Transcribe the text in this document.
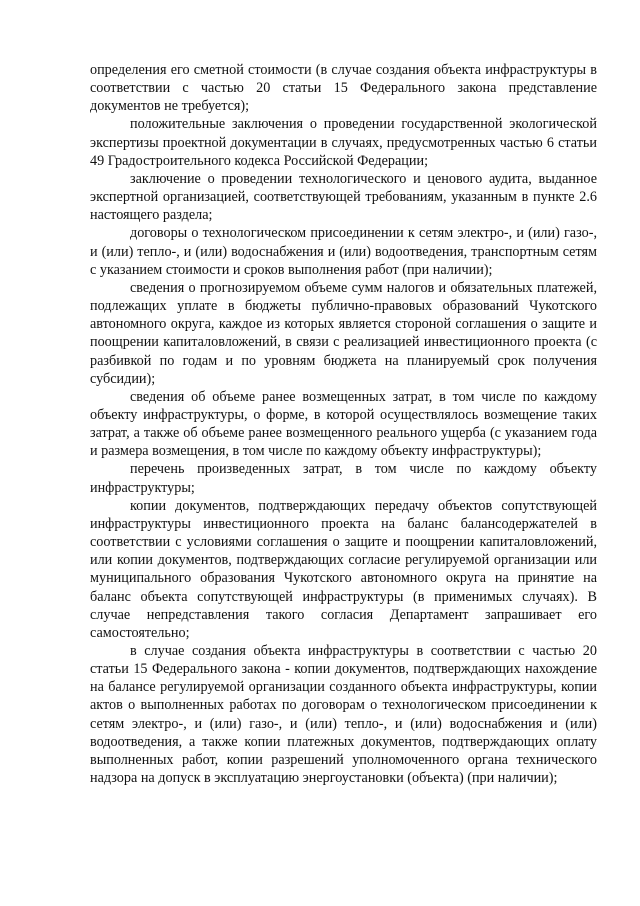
определения его сметной стоимости (в случае создания объекта инфраструктуры в соответствии с частью 20 статьи 15 Федерального закона представление документов не требуется);

положительные заключения о проведении государственной экологической экспертизы проектной документации в случаях, предусмотренных частью 6 статьи 49 Градостроительного кодекса Российской Федерации;

заключение о проведении технологического и ценового аудита, выданное экспертной организацией, соответствующей требованиям, указанным в пункте 2.6 настоящего раздела;

договоры о технологическом присоединении к сетям электро-, и (или) газо-, и (или) тепло-, и (или) водоснабжения и (или) водоотведения, транспортным сетям с указанием стоимости и сроков выполнения работ (при наличии);

сведения о прогнозируемом объеме сумм налогов и обязательных платежей, подлежащих уплате в бюджеты публично-правовых образований Чукотского автономного округа, каждое из которых является стороной соглашения о защите и поощрении капиталовложений, в связи с реализацией инвестиционного проекта (с разбивкой по годам и по уровням бюджета на планируемый срок получения субсидии);

сведения об объеме ранее возмещенных затрат, в том числе по каждому объекту инфраструктуры, о форме, в которой осуществлялось возмещение таких затрат, а также об объеме ранее возмещенного реального ущерба (с указанием года и размера возмещения, в том числе по каждому объекту инфраструктуры);

перечень произведенных затрат, в том числе по каждому объекту инфраструктуры;

копии документов, подтверждающих передачу объектов сопутствующей инфраструктуры инвестиционного проекта на баланс балансодержателей в соответствии с условиями соглашения о защите и поощрении капиталовложений, или копии документов, подтверждающих согласие регулируемой организации или муниципального образования Чукотского автономного округа на принятие на баланс объекта сопутствующей инфраструктуры (в применимых случаях). В случае непредставления такого согласия Департамент запрашивает его самостоятельно;

в случае создания объекта инфраструктуры в соответствии с частью 20 статьи 15 Федерального закона - копии документов, подтверждающих нахождение на балансе регулируемой организации созданного объекта инфраструктуры, копии актов о выполненных работах по договорам о технологическом присоединении к сетям электро-, и (или) газо-, и (или) тепло-, и (или) водоснабжения и (или) водоотведения, а также копии платежных документов, подтверждающих оплату выполненных работ, копии разрешений уполномоченного органа технического надзора на допуск в эксплуатацию энергоустановки (объекта) (при наличии);
